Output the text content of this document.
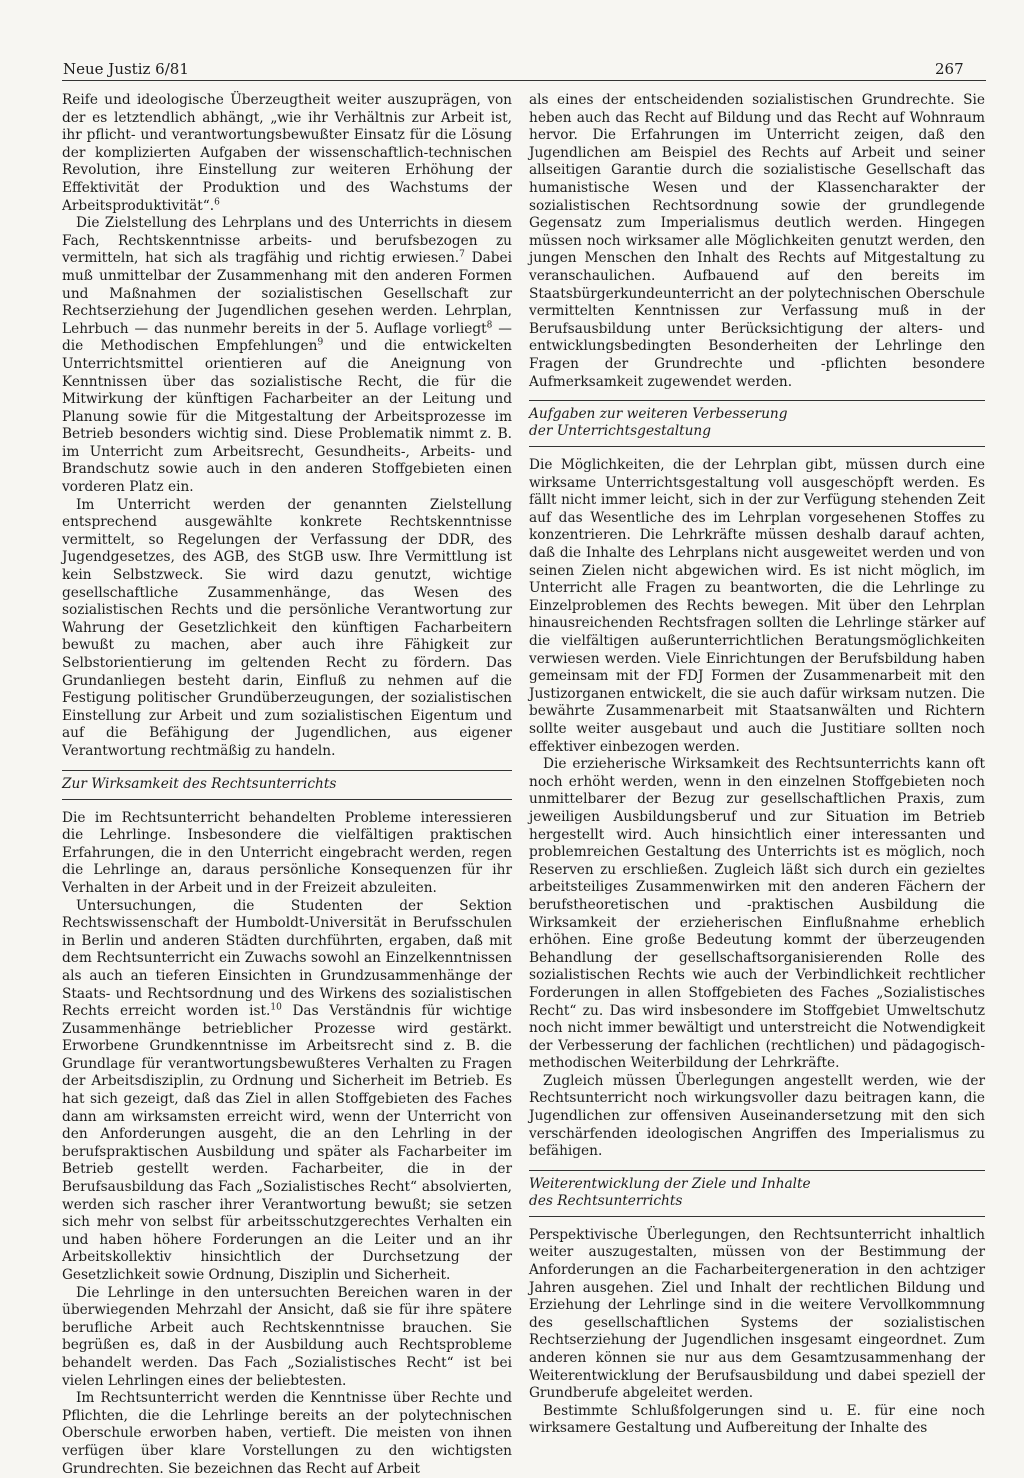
Neue Justiz 6/81	267

Reife und ideologische Überzeugtheit weiter auszuprägen, von der es letztendlich abhängt, „wie ihr Verhältnis zur Arbeit ist, ihr pflicht- und verantwortungsbewußter Einsatz für die Lösung der komplizierten Aufgaben der wissenschaftlich-technischen Revolution, ihre Einstellung zur weiteren Erhöhung der Effektivität der Produktion und des Wachstums der Arbeitsproduktivität“.$^6$

Die Zielstellung des Lehrplans und des Unterrichts in diesem Fach, Rechtskenntnisse arbeits- und berufsbezogen zu vermitteln, hat sich als tragfähig und richtig erwiesen.$^7$ Dabei muß unmittelbar der Zusammenhang mit den anderen Formen und Maßnahmen der sozialistischen Gesellschaft zur Rechtserziehung der Jugendlichen gesehen werden. Lehrplan, Lehrbuch — das nunmehr bereits in der 5. Auflage vorliegt$^8$ — die Methodischen Empfehlungen$^9$ und die entwickelten Unterrichtsmittel orientieren auf die Aneignung von Kenntnissen über das sozialistische Recht, die für die Mitwirkung der künftigen Facharbeiter an der Leitung und Planung sowie für die Mitgestaltung der Arbeitsprozesse im Betrieb besonders wichtig sind. Diese Problematik nimmt z. B. im Unterricht zum Arbeitsrecht, Gesundheits-, Arbeits- und Brandschutz sowie auch in den anderen Stoffgebieten einen vorderen Platz ein.

Im Unterricht werden der genannten Zielstellung entsprechend ausgewählte konkrete Rechtskenntnisse vermittelt, so Regelungen der Verfassung der DDR, des Jugendgesetzes, des AGB, des StGB usw. Ihre Vermittlung ist kein Selbstzweck. Sie wird dazu genutzt, wichtige gesellschaftliche Zusammenhänge, das Wesen des sozialistischen Rechts und die persönliche Verantwortung zur Wahrung der Gesetzlichkeit den künftigen Facharbeitern bewußt zu machen, aber auch ihre Fähigkeit zur Selbstorientierung im geltenden Recht zu fördern. Das Grundanliegen besteht darin, Einfluß zu nehmen auf die Festigung politischer Grundüberzeugungen, der sozialistischen Einstellung zur Arbeit und zum sozialistischen Eigentum und auf die Befähigung der Jugendlichen, aus eigener Verantwortung rechtmäßig zu handeln.

Zur Wirksamkeit des Rechtsunterrichts

Die im Rechtsunterricht behandelten Probleme interessieren die Lehrlinge. Insbesondere die vielfältigen praktischen Erfahrungen, die in den Unterricht eingebracht werden, regen die Lehrlinge an, daraus persönliche Konsequenzen für ihr Verhalten in der Arbeit und in der Freizeit abzuleiten.

Untersuchungen, die Studenten der Sektion Rechtswissenschaft der Humboldt-Universität in Berufsschulen in Berlin und anderen Städten durchführten, ergaben, daß mit dem Rechtsunterricht ein Zuwachs sowohl an Einzelkenntnissen als auch an tieferen Einsichten in Grundzusammenhänge der Staats- und Rechtsordnung und des Wirkens des sozialistischen Rechts erreicht worden ist.$^{10}$ Das Verständnis für wichtige Zusammenhänge betrieblicher Prozesse wird gestärkt. Erworbene Grundkenntnisse im Arbeitsrecht sind z. B. die Grundlage für verantwortungsbewußteres Verhalten zu Fragen der Arbeitsdisziplin, zu Ordnung und Sicherheit im Betrieb. Es hat sich gezeigt, daß das Ziel in allen Stoffgebieten des Faches dann am wirksamsten erreicht wird, wenn der Unterricht von den Anforderungen ausgeht, die an den Lehrling in der berufspraktischen Ausbildung und später als Facharbeiter im Betrieb gestellt werden. Facharbeiter, die in der Berufsausbildung das Fach „Sozialistisches Recht“ absolvierten, werden sich rascher ihrer Verantwortung bewußt; sie setzen sich mehr von selbst für arbeitsschutzgerechtes Verhalten ein und haben höhere Forderungen an die Leiter und an ihr Arbeitskollektiv hinsichtlich der Durchsetzung der Gesetzlichkeit sowie Ordnung, Disziplin und Sicherheit.

Die Lehrlinge in den untersuchten Bereichen waren in der überwiegenden Mehrzahl der Ansicht, daß sie für ihre spätere berufliche Arbeit auch Rechtskenntnisse brauchen. Sie begrüßen es, daß in der Ausbildung auch Rechtsprobleme behandelt werden. Das Fach „Sozialistisches Recht“ ist bei vielen Lehrlingen eines der beliebtesten.

Im Rechtsunterricht werden die Kenntnisse über Rechte und Pflichten, die die Lehrlinge bereits an der polytechnischen Oberschule erworben haben, vertieft. Die meisten von ihnen verfügen über klare Vorstellungen zu den wichtigsten Grundrechten. Sie bezeichnen das Recht auf Arbeit

als eines der entscheidenden sozialistischen Grundrechte. Sie heben auch das Recht auf Bildung und das Recht auf Wohnraum hervor. Die Erfahrungen im Unterricht zeigen, daß den Jugendlichen am Beispiel des Rechts auf Arbeit und seiner allseitigen Garantie durch die sozialistische Gesellschaft das humanistische Wesen und der Klassencharakter der sozialistischen Rechtsordnung sowie der grundlegende Gegensatz zum Imperialismus deutlich werden. Hingegen müssen noch wirksamer alle Möglichkeiten genutzt werden, den jungen Menschen den Inhalt des Rechts auf Mitgestaltung zu veranschaulichen. Aufbauend auf den bereits im Staatsbürgerkundeunterricht an der polytechnischen Oberschule vermittelten Kenntnissen zur Verfassung muß in der Berufsausbildung unter Berücksichtigung der alters- und entwicklungsbedingten Besonderheiten der Lehrlinge den Fragen der Grundrechte und -pflichten besondere Aufmerksamkeit zugewendet werden.

Aufgaben zur weiteren Verbesserung
der Unterrichtsgestaltung

Die Möglichkeiten, die der Lehrplan gibt, müssen durch eine wirksame Unterrichtsgestaltung voll ausgeschöpft werden. Es fällt nicht immer leicht, sich in der zur Verfügung stehenden Zeit auf das Wesentliche des im Lehrplan vorgesehenen Stoffes zu konzentrieren. Die Lehrkräfte müssen deshalb darauf achten, daß die Inhalte des Lehrplans nicht ausgeweitet werden und von seinen Zielen nicht abgewichen wird. Es ist nicht möglich, im Unterricht alle Fragen zu beantworten, die die Lehrlinge zu Einzelproblemen des Rechts bewegen. Mit über den Lehrplan hinausreichenden Rechtsfragen sollten die Lehrlinge stärker auf die vielfältigen außerunterrichtlichen Beratungsmöglichkeiten verwiesen werden. Viele Einrichtungen der Berufsbildung haben gemeinsam mit der FDJ Formen der Zusammenarbeit mit den Justizorganen entwickelt, die sie auch dafür wirksam nutzen. Die bewährte Zusammenarbeit mit Staatsanwälten und Richtern sollte weiter ausgebaut und auch die Justitiare sollten noch effektiver einbezogen werden.

Die erzieherische Wirksamkeit des Rechtsunterrichts kann oft noch erhöht werden, wenn in den einzelnen Stoffgebieten noch unmittelbarer der Bezug zur gesellschaftlichen Praxis, zum jeweiligen Ausbildungsberuf und zur Situation im Betrieb hergestellt wird. Auch hinsichtlich einer interessanten und problemreichen Gestaltung des Unterrichts ist es möglich, noch Reserven zu erschließen. Zugleich läßt sich durch ein gezieltes arbeitsteiliges Zusammenwirken mit den anderen Fächern der berufstheoretischen und -praktischen Ausbildung die Wirksamkeit der erzieherischen Einflußnahme erheblich erhöhen. Eine große Bedeutung kommt der überzeugenden Behandlung der gesellschaftsorganisierenden Rolle des sozialistischen Rechts wie auch der Verbindlichkeit rechtlicher Forderungen in allen Stoffgebieten des Faches „Sozialistisches Recht“ zu. Das wird insbesondere im Stoffgebiet Umweltschutz noch nicht immer bewältigt und unterstreicht die Notwendigkeit der Verbesserung der fachlichen (rechtlichen) und pädagogisch-methodischen Weiterbildung der Lehrkräfte.

Zugleich müssen Überlegungen angestellt werden, wie der Rechtsunterricht noch wirkungsvoller dazu beitragen kann, die Jugendlichen zur offensiven Auseinandersetzung mit den sich verschärfenden ideologischen Angriffen des Imperialismus zu befähigen.

Weiterentwicklung der Ziele und Inhalte
des Rechtsunterrichts

Perspektivische Überlegungen, den Rechtsunterricht inhaltlich weiter auszugestalten, müssen von der Bestimmung der Anforderungen an die Facharbeitergeneration in den achtziger Jahren ausgehen. Ziel und Inhalt der rechtlichen Bildung und Erziehung der Lehrlinge sind in die weitere Vervollkommnung des gesellschaftlichen Systems der sozialistischen Rechtserziehung der Jugendlichen insgesamt eingeordnet. Zum anderen können sie nur aus dem Gesamtzusammenhang der Weiterentwicklung der Berufsausbildung und dabei speziell der Grundberufe abgeleitet werden.

Bestimmte Schlußfolgerungen sind u. E. für eine noch wirksamere Gestaltung und Aufbereitung der Inhalte des
